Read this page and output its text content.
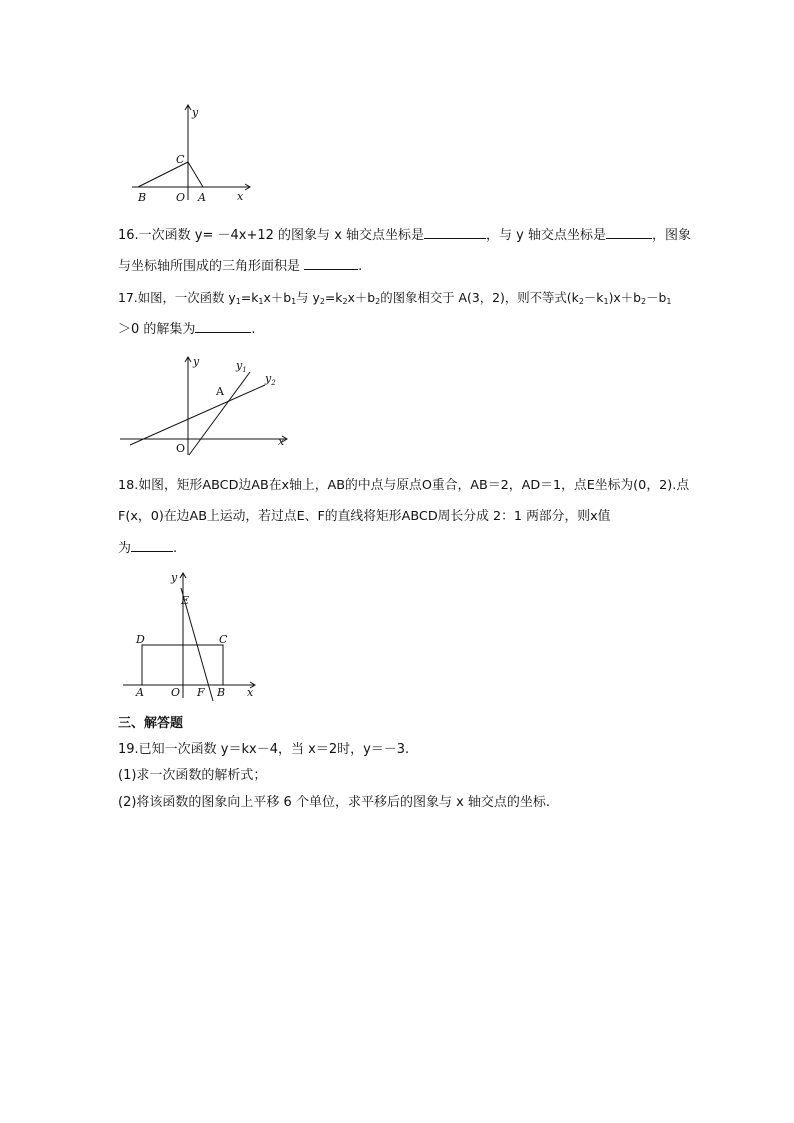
y
x
C
B	O A
16.一次函数 y= －4x+12 的图象与 x 轴交点坐标是	，与 y 轴交点坐标是	，图象
与坐标轴所围成的三角形面积是	.
17.如图，一次函数 $y_1=k_1x+b_1$与 $y_2=k_2x+b_2$的图象相交于 A(3，2)，则不等式$(k_2-k_1)x+b_2-b_1$
＞0 的解集为	.
y
x
$y_1$
$y_2$
A
O
18.如图，矩形ABCD边AB在x轴上，AB的中点与原点O重合，AB＝2，AD＝1，点E坐标为(0，2).点
F(x，0)在边AB上运动，若过点E、F的直线将矩形ABCD周长分成 2：1 两部分，则x值
为	.
y
E
D	C
A O F B x
三、解答题
19.已知一次函数 y＝kx－4，当 x＝2时，y＝－3.
(1)求一次函数的解析式；
(2)将该函数的图象向上平移 6 个单位，求平移后的图象与 x 轴交点的坐标.
